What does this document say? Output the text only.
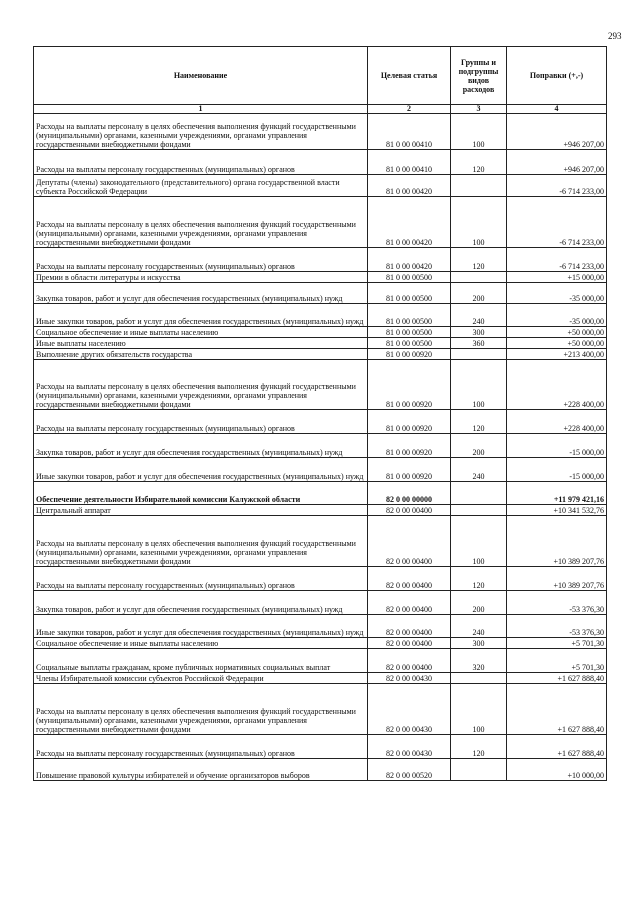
293
Наименование	Целевая статья	Группы и подгруппы видов расходов	Поправки (+,-)
1	2	3	4
Расходы на выплаты персоналу в целях обеспечения выполнения функций государственными (муниципальными) органами, казенными учреждениями, органами управления государственными внебюджетными фондами	81 0 00 00410	100	+946 207,00
Расходы на выплаты персоналу государственных (муниципальных) органов	81 0 00 00410	120	+946 207,00
Депутаты (члены) законодательного (представительного) органа государственной власти субъекта Российской Федерации	81 0 00 00420		-6 714 233,00
Расходы на выплаты персоналу в целях обеспечения выполнения функций государственными (муниципальными) органами, казенными учреждениями, органами управления государственными внебюджетными фондами	81 0 00 00420	100	-6 714 233,00
Расходы на выплаты персоналу государственных (муниципальных) органов	81 0 00 00420	120	-6 714 233,00
Премии в области литературы и искусства	81 0 00 00500		+15 000,00
Закупка товаров, работ и услуг для обеспечения государственных (муниципальных) нужд	81 0 00 00500	200	-35 000,00
Иные закупки товаров, работ и услуг для обеспечения государственных (муниципальных) нужд	81 0 00 00500	240	-35 000,00
Социальное обеспечение и иные выплаты населению	81 0 00 00500	300	+50 000,00
Иные выплаты населению	81 0 00 00500	360	+50 000,00
Выполнение других обязательств государства	81 0 00 00920		+213 400,00
Расходы на выплаты персоналу в целях обеспечения выполнения функций государственными (муниципальными) органами, казенными учреждениями, органами управления государственными внебюджетными фондами	81 0 00 00920	100	+228 400,00
Расходы на выплаты персоналу государственных (муниципальных) органов	81 0 00 00920	120	+228 400,00
Закупка товаров, работ и услуг для обеспечения государственных (муниципальных) нужд	81 0 00 00920	200	-15 000,00
Иные закупки товаров, работ и услуг для обеспечения государственных (муниципальных) нужд	81 0 00 00920	240	-15 000,00
Обеспечение деятельности Избирательной комиссии Калужской области	82 0 00 00000		+11 979 421,16
Центральный аппарат	82 0 00 00400		+10 341 532,76
Расходы на выплаты персоналу в целях обеспечения выполнения функций государственными (муниципальными) органами, казенными учреждениями, органами управления государственными внебюджетными фондами	82 0 00 00400	100	+10 389 207,76
Расходы на выплаты персоналу государственных (муниципальных) органов	82 0 00 00400	120	+10 389 207,76
Закупка товаров, работ и услуг для обеспечения государственных (муниципальных) нужд	82 0 00 00400	200	-53 376,30
Иные закупки товаров, работ и услуг для обеспечения государственных (муниципальных) нужд	82 0 00 00400	240	-53 376,30
Социальное обеспечение и иные выплаты населению	82 0 00 00400	300	+5 701,30
Социальные выплаты гражданам, кроме публичных нормативных социальных выплат	82 0 00 00400	320	+5 701,30
Члены Избирательной комиссии субъектов Российской Федерации	82 0 00 00430		+1 627 888,40
Расходы на выплаты персоналу в целях обеспечения выполнения функций государственными (муниципальными) органами, казенными учреждениями, органами управления государственными внебюджетными фондами	82 0 00 00430	100	+1 627 888,40
Расходы на выплаты персоналу государственных (муниципальных) органов	82 0 00 00430	120	+1 627 888,40
Повышение правовой культуры избирателей и обучение организаторов выборов	82 0 00 00520		+10 000,00
